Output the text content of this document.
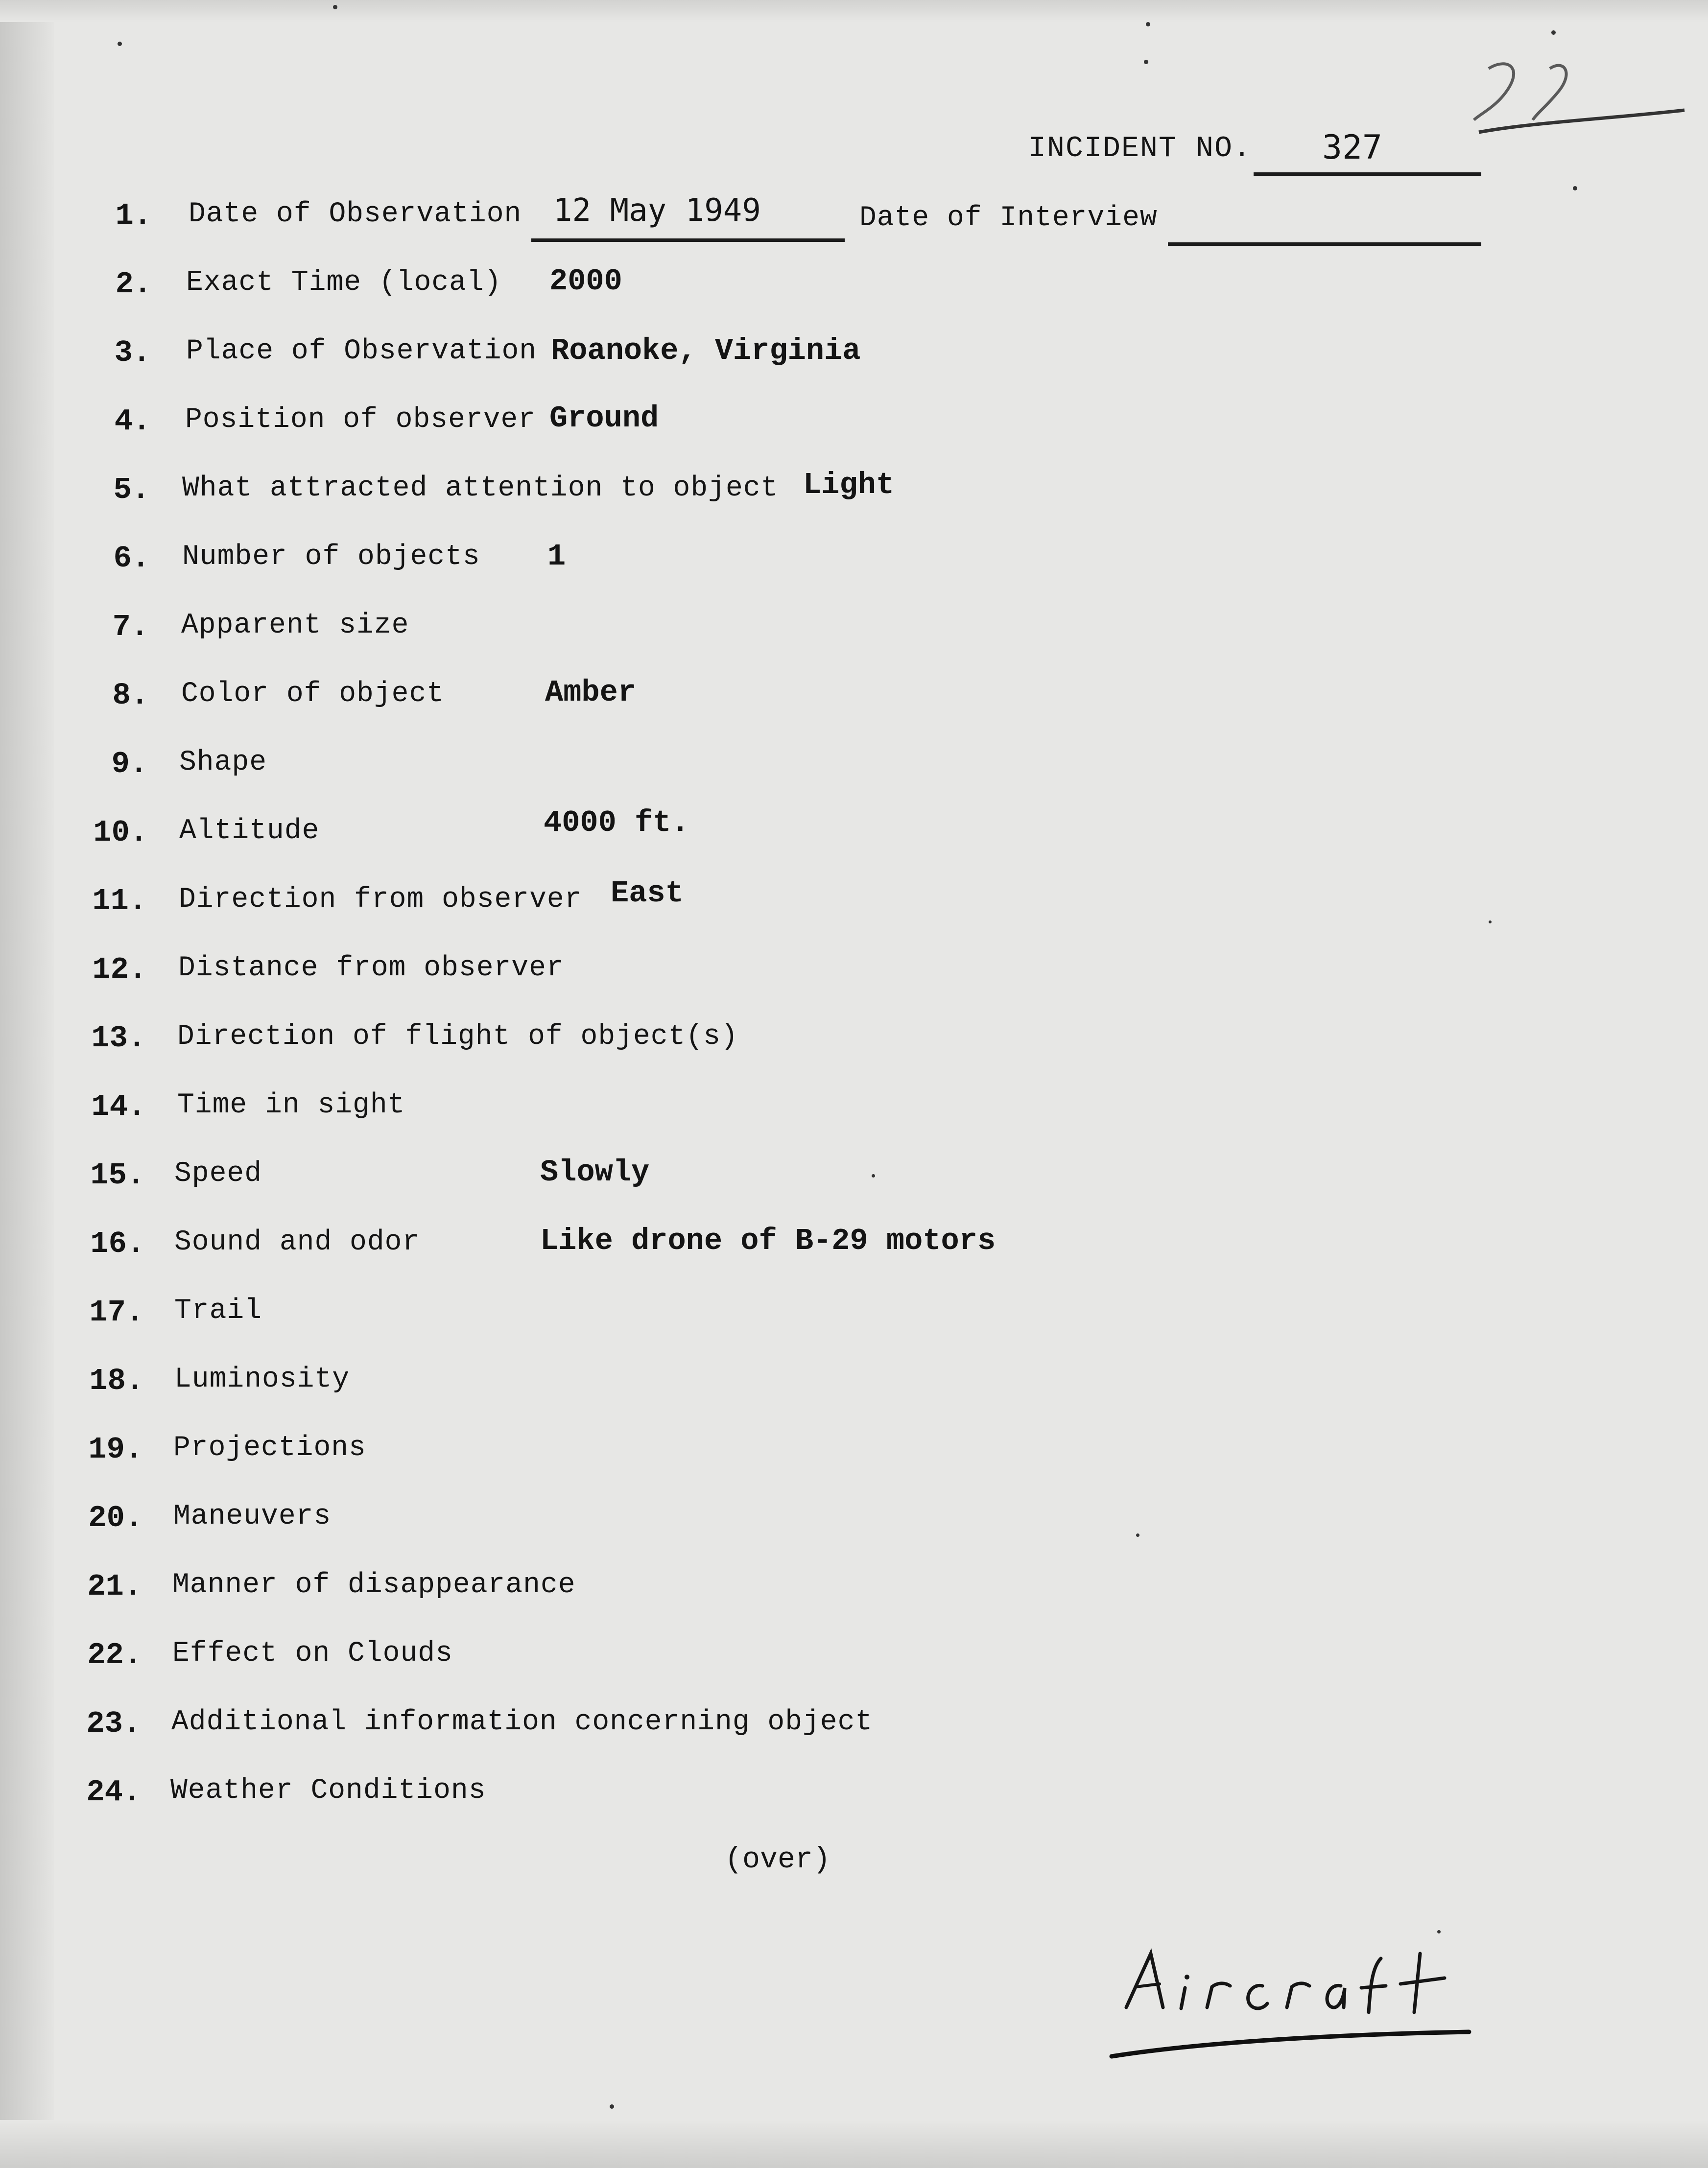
INCIDENT NO. 327
1. Date of Observation 12 May 1949	Date of Interview
2. Exact Time (local) 2000
3. Place of Observation Roanoke, Virginia
4. Position of observer Ground
5. What attracted attention to object Light
6. Number of objects 1
7. Apparent size
8. Color of object	Amber
9. Shape
10. Altitude	4000 ft.
11. Direction from observer East
12. Distance from observer
13. Direction of flight of object(s)
14. Time in sight
15. Speed	Slowly
16. Sound and odor	Like drone of B-29 motors
17. Trail
18. Luminosity
19. Projections
20. Maneuvers
21. Manner of disappearance
22. Effect on Clouds
23. Additional information concerning object
24. Weather Conditions
(over)
